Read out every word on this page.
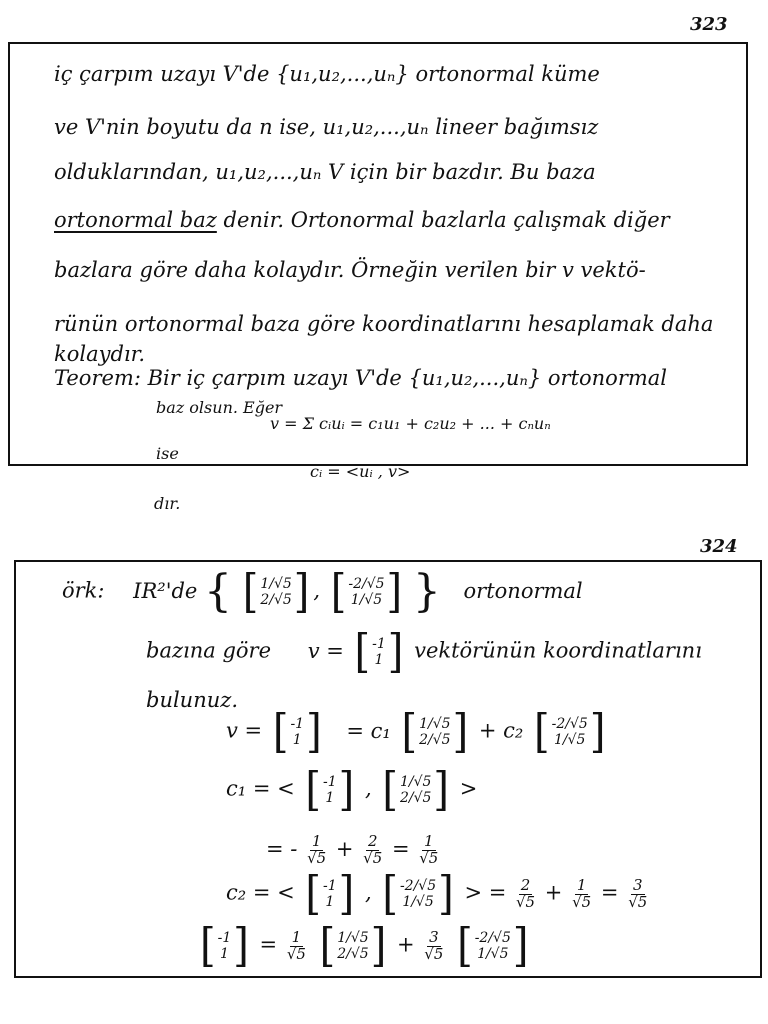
323
iç çarpım uzayı V'de {u₁,u₂,...,uₙ} ortonormal küme
ve V'nin boyutu da n ise, u₁,u₂,...,uₙ lineer bağımsız
olduklarından, u₁,u₂,...,uₙ V için bir bazdır. Bu baza
ortonormal baz denir. Ortonormal bazlarla çalışmak diğer
bazlara göre daha kolaydır. Örneğin verilen bir v vektö-
rünün ortonormal baza göre koordinatlarını hesaplamak daha
kolaydır.
Teorem: Bir iç çarpım uzayı V'de {u₁,u₂,...,uₙ} ortonormal
baz olsun. Eğer
v = Σ cᵢuᵢ = c₁u₁ + c₂u₂ + ... + cₙuₙ
ise
cᵢ = <uᵢ , v>
dır.
324
örk: IR²'de { [ 1/√5
2/√5 ] , [ -2/√5
1/√5 ] } ortonormal
bazına göre v = [ -1
1 ] vektörünün koordinatlarını
bulunuz.
v = [ -1
1 ] = c₁ [ 1/√5
2/√5 ] + c₂ [ -2/√5
1/√5 ]
c₁ = < [ -1
1 ] , [ 1/√5
2/√5 ] >
= - $\frac{1}{√5} + \frac{2}{√5} = \frac{1}{√5}$
c₂ = < [ -1
1 ] , [ -2/√5
1/√5 ] > = $\frac{2}{√5} + \frac{1}{√5} = \frac{3}{√5}$
[ -1
1 ] = $\frac{1}{√5}$
[ 1/√5
2/√5 ] + $\frac{3}{√5}$
[ -2/√5
1/√5 ]
